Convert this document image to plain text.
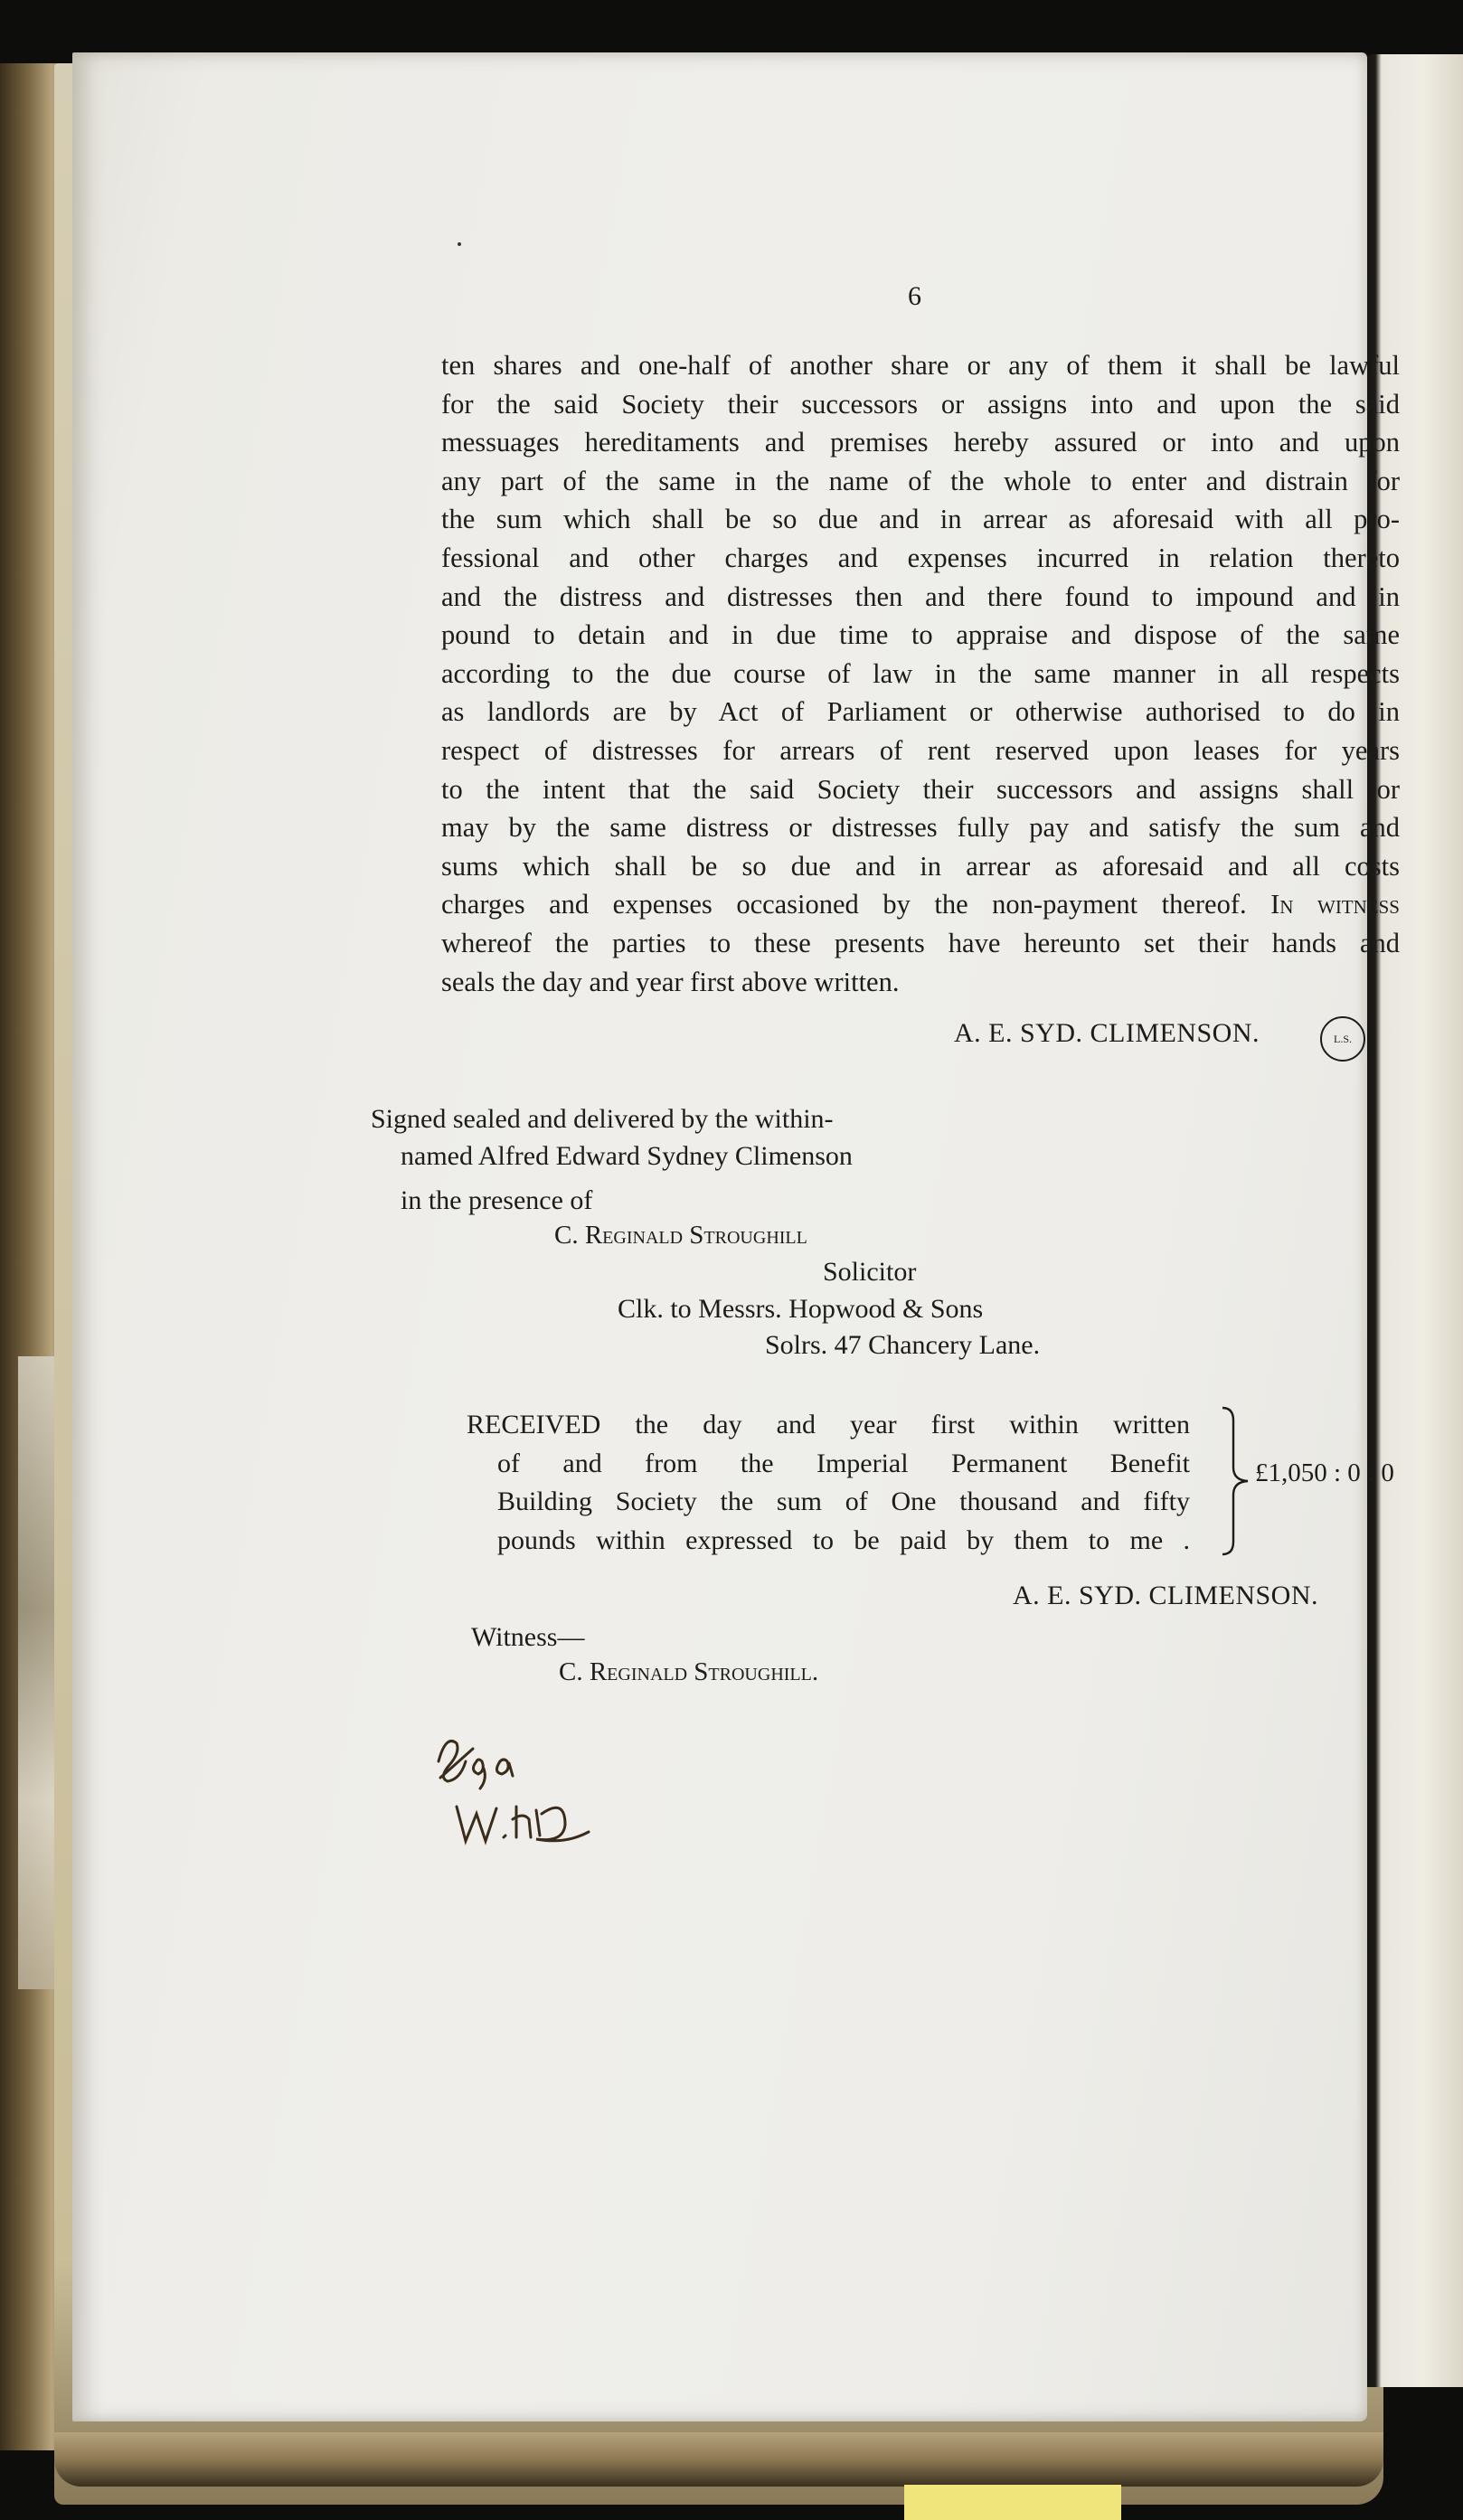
6
ten shares and one-half of another share or any of them it shall be lawful
for the said Society their successors or assigns into and upon the said
messuages hereditaments and premises hereby assured or into and upon
any part of the same in the name of the whole to enter and distrain for
the sum which shall be so due and in arrear as aforesaid with all pro-
fessional and other charges and expenses incurred in relation thereto
and the distress and distresses then and there found to impound and in
pound to detain and in due time to appraise and dispose of the same
according to the due course of law in the same manner in all respects
as landlords are by Act of Parliament or otherwise authorised to do in
respect of distresses for arrears of rent reserved upon leases for years
to the intent that the said Society their successors and assigns shall or
may by the same distress or distresses fully pay and satisfy the sum and
sums which shall be so due and in arrear as aforesaid and all costs
charges and expenses occasioned by the non-payment thereof. In witness
whereof the parties to these presents have hereunto set their hands and
seals the day and year first above written.
A. E. SYD. CLIMENSON.	L.S.
Signed sealed and delivered by the within-
named Alfred Edward Sydney Climenson
in the presence of
C. Reginald Stroughill
Solicitor
Clk. to Messrs. Hopwood & Sons
Solrs. 47 Chancery Lane.
RECEIVED the day and year first within written
of and from the Imperial Permanent Benefit
Building Society the sum of One thousand and fifty
pounds within expressed to be paid by them to me .
£1,050 : 0 : 0
A. E. SYD. CLIMENSON.
Witness—
C. Reginald Stroughill.
